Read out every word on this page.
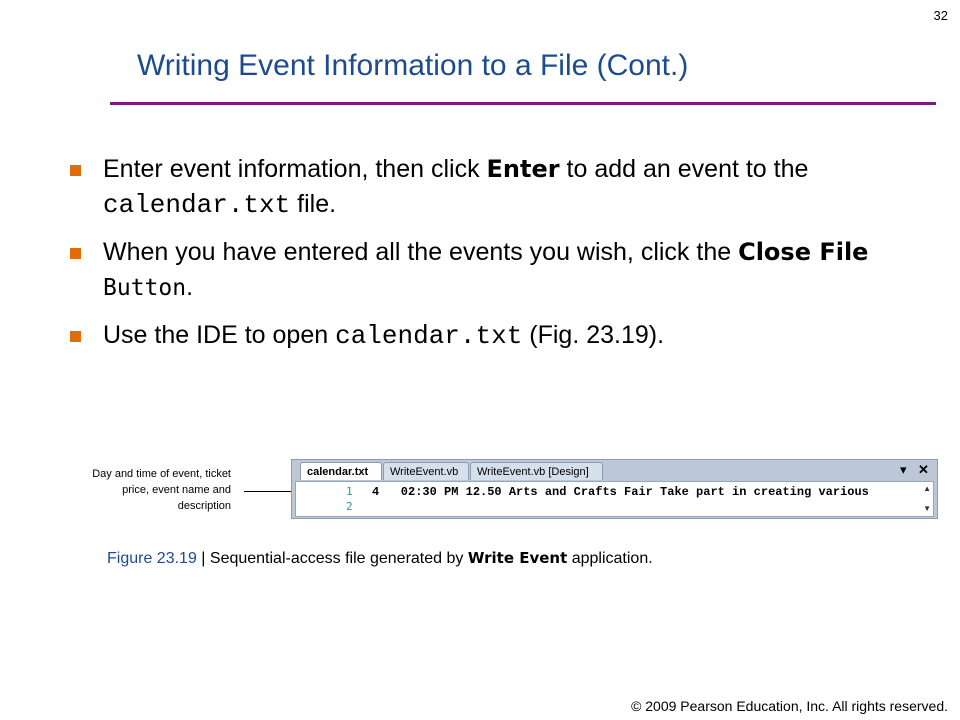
32
Writing Event Information to a File (Cont.)
Enter event information, then click Enter to add an event to the calendar.txt file.
When you have entered all the events you wish, click the Close File Button.
Use the IDE to open calendar.txt (Fig. 23.19).
Day and time of event, ticket price, event name and description
calendar.txt	WriteEvent.vb	WriteEvent.vb [Design]	▾ ✕
1
2
4   02:30 PM 12.50 Arts and Crafts Fair Take part in creating various	▲
▼
Figure 23.19 | Sequential-access file generated by Write Event application.
© 2009 Pearson Education, Inc. All rights reserved.
